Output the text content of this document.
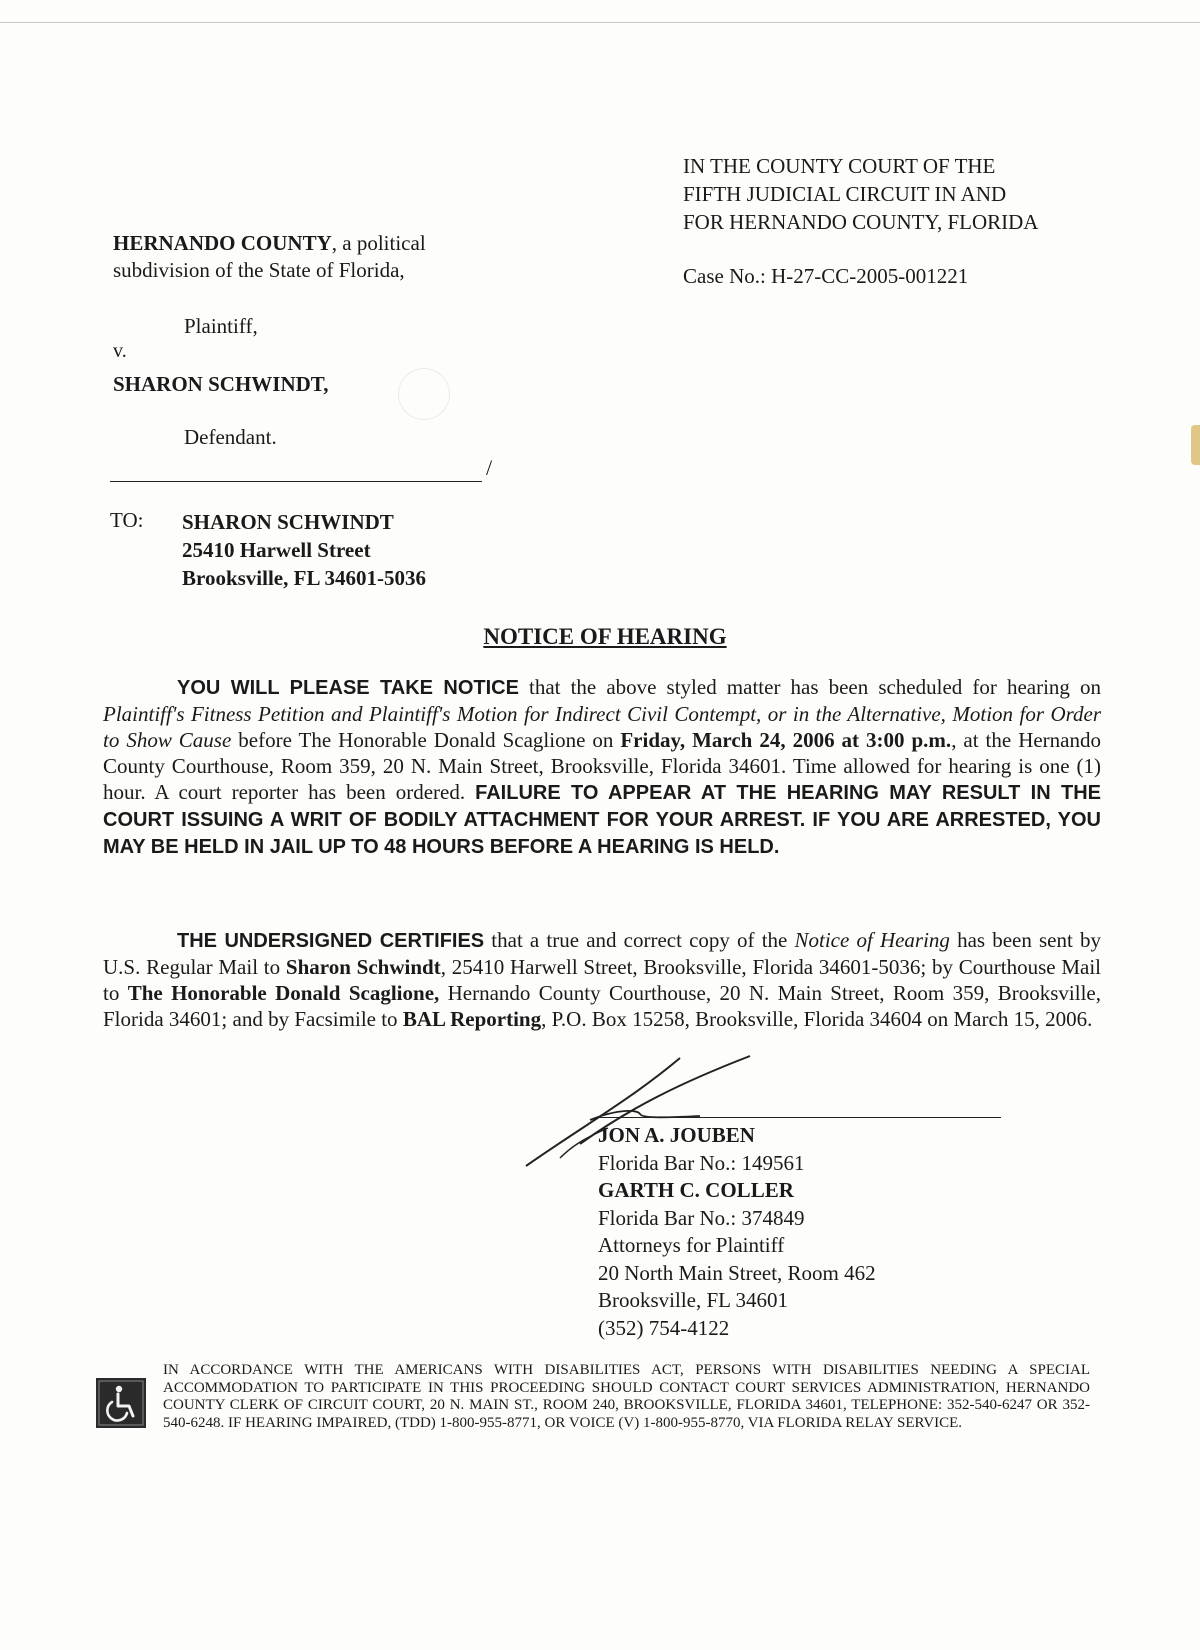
IN THE COUNTY COURT OF THE
FIFTH JUDICIAL CIRCUIT IN AND
FOR HERNANDO COUNTY, FLORIDA
Case No.: H-27-CC-2005-001221
HERNANDO COUNTY, a political
subdivision of the State of Florida,
Plaintiff,
v.
SHARON SCHWINDT,
Defendant.
/
TO: SHARON SCHWINDT
25410 Harwell Street
Brooksville, FL 34601-5036
NOTICE OF HEARING
YOU WILL PLEASE TAKE NOTICE that the above styled matter has been scheduled for hearing on Plaintiff's Fitness Petition and Plaintiff's Motion for Indirect Civil Contempt, or in the Alternative, Motion for Order to Show Cause before The Honorable Donald Scaglione on Friday, March 24, 2006 at 3:00 p.m., at the Hernando County Courthouse, Room 359, 20 N. Main Street, Brooksville, Florida 34601. Time allowed for hearing is one (1) hour. A court reporter has been ordered. FAILURE TO APPEAR AT THE HEARING MAY RESULT IN THE COURT ISSUING A WRIT OF BODILY ATTACHMENT FOR YOUR ARREST. IF YOU ARE ARRESTED, YOU MAY BE HELD IN JAIL UP TO 48 HOURS BEFORE A HEARING IS HELD.
THE UNDERSIGNED CERTIFIES that a true and correct copy of the Notice of Hearing has been sent by U.S. Regular Mail to Sharon Schwindt, 25410 Harwell Street, Brooksville, Florida 34601-5036; by Courthouse Mail to The Honorable Donald Scaglione, Hernando County Courthouse, 20 N. Main Street, Room 359, Brooksville, Florida 34601; and by Facsimile to BAL Reporting, P.O. Box 15258, Brooksville, Florida 34604 on March 15, 2006.
JON A. JOUBEN
Florida Bar No.: 149561
GARTH C. COLLER
Florida Bar No.: 374849
Attorneys for Plaintiff
20 North Main Street, Room 462
Brooksville, FL 34601
(352) 754-4122
IN ACCORDANCE WITH THE AMERICANS WITH DISABILITIES ACT, PERSONS WITH DISABILITIES NEEDING A SPECIAL ACCOMMODATION TO PARTICIPATE IN THIS PROCEEDING SHOULD CONTACT COURT SERVICES ADMINISTRATION, HERNANDO COUNTY CLERK OF CIRCUIT COURT, 20 N. MAIN ST., ROOM 240, BROOKSVILLE, FLORIDA 34601, TELEPHONE: 352-540-6247 OR 352-540-6248. IF HEARING IMPAIRED, (TDD) 1-800-955-8771, OR VOICE (V) 1-800-955-8770, VIA FLORIDA RELAY SERVICE.
